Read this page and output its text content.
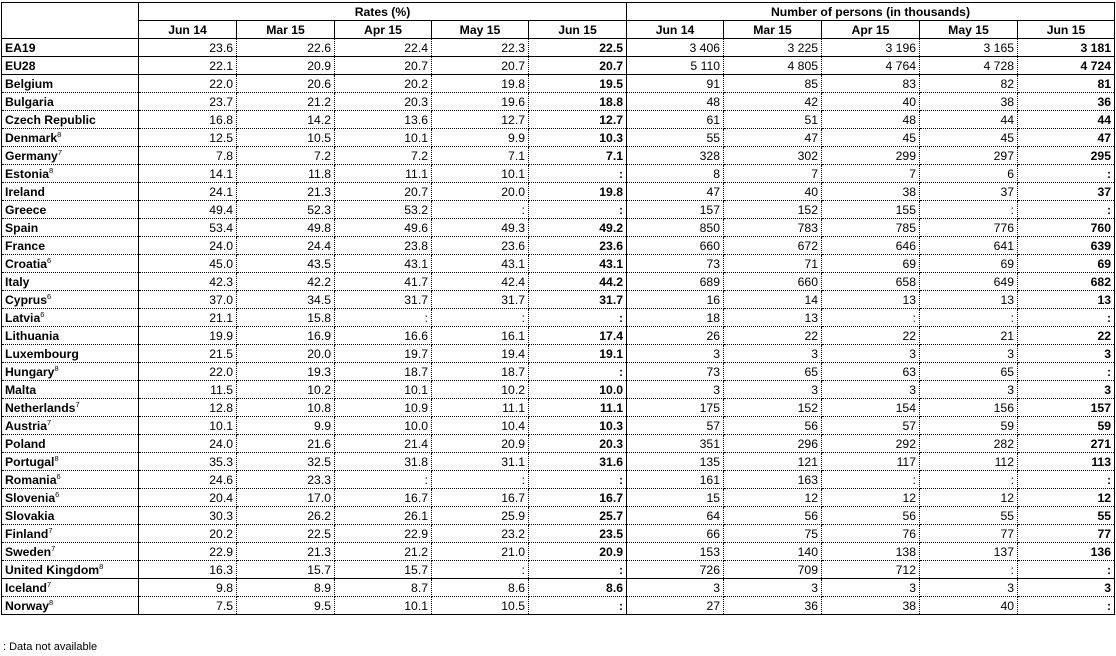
	Rates (%)					Number of persons (in thousands)				
	Jun 14	Mar 15	Apr 15	May 15	Jun 15	Jun 14	Mar 15	Apr 15	May 15	Jun 15
EA19	23.6	22.6	22.4	22.3	22.5	3 406	3 225	3 196	3 165	3 181
EU28	22.1	20.9	20.7	20.7	20.7	5 110	4 805	4 764	4 728	4 724
Belgium	22.0	20.6	20.2	19.8	19.5	91	85	83	82	81
Bulgaria	23.7	21.2	20.3	19.6	18.8	48	42	40	38	36
Czech Republic	16.8	14.2	13.6	12.7	12.7	61	51	48	44	44
Denmark$^8$	12.5	10.5	10.1	9.9	10.3	55	47	45	45	47
Germany$^7$	7.8	7.2	7.2	7.1	7.1	328	302	299	297	295
Estonia$^8$	14.1	11.8	11.1	10.1	:	8	7	7	6	:
Ireland	24.1	21.3	20.7	20.0	19.8	47	40	38	37	37
Greece	49.4	52.3	53.2	:	:	157	152	155	:	:
Spain	53.4	49.8	49.6	49.3	49.2	850	783	785	776	760
France	24.0	24.4	23.8	23.6	23.6	660	672	646	641	639
Croatia$^6$	45.0	43.5	43.1	43.1	43.1	73	71	69	69	69
Italy	42.3	42.2	41.7	42.4	44.2	689	660	658	649	682
Cyprus$^6$	37.0	34.5	31.7	31.7	31.7	16	14	13	13	13
Latvia$^6$	21.1	15.8	:	:	:	18	13	:	:	:
Lithuania	19.9	16.9	16.6	16.1	17.4	26	22	22	21	22
Luxembourg	21.5	20.0	19.7	19.4	19.1	3	3	3	3	3
Hungary$^8$	22.0	19.3	18.7	18.7	:	73	65	63	65	:
Malta	11.5	10.2	10.1	10.2	10.0	3	3	3	3	3
Netherlands$^7$	12.8	10.8	10.9	11.1	11.1	175	152	154	156	157
Austria$^7$	10.1	9.9	10.0	10.4	10.3	57	56	57	59	59
Poland	24.0	21.6	21.4	20.9	20.3	351	296	292	282	271
Portugal$^8$	35.3	32.5	31.8	31.1	31.6	135	121	117	112	113
Romania$^6$	24.6	23.3	:	:	:	161	163	:	:	:
Slovenia$^6$	20.4	17.0	16.7	16.7	16.7	15	12	12	12	12
Slovakia	30.3	26.2	26.1	25.9	25.7	64	56	56	55	55
Finland$^7$	20.2	22.5	22.9	23.2	23.5	66	75	76	77	77
Sweden$^7$	22.9	21.3	21.2	21.0	20.9	153	140	138	137	136
United Kingdom$^8$	16.3	15.7	15.7	:	:	726	709	712	:	:
Iceland$^7$	9.8	8.9	8.7	8.6	8.6	3	3	3	3	3
Norway$^8$	7.5	9.5	10.1	10.5	:	27	36	38	40	:
: Data not available
